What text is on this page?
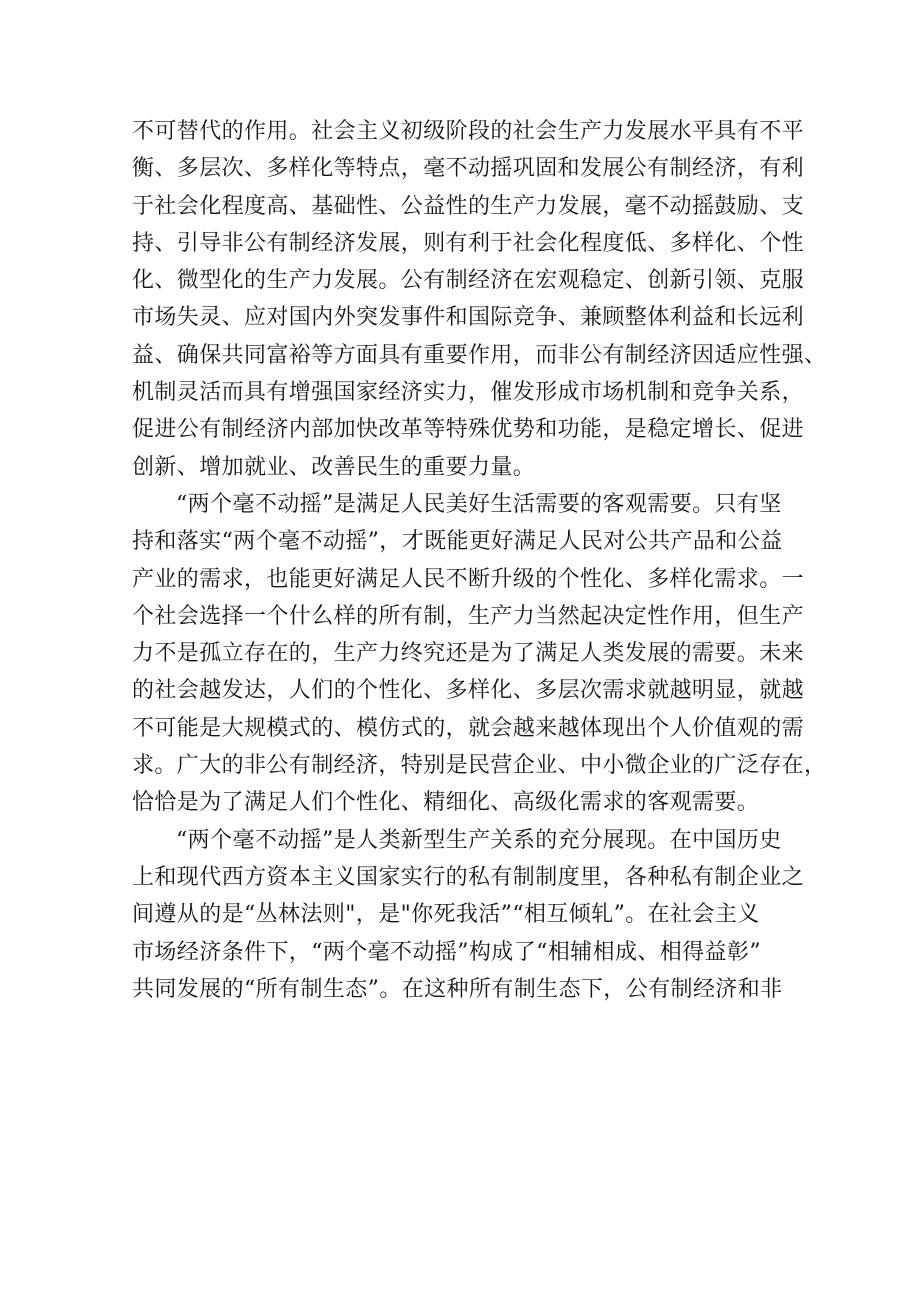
不可替代的作用。社会主义初级阶段的社会生产力发展水平具有不平
衡、多层次、多样化等特点，毫不动摇巩固和发展公有制经济，有利
于社会化程度高、基础性、公益性的生产力发展，毫不动摇鼓励、支
持、引导非公有制经济发展，则有利于社会化程度低、多样化、个性
化、微型化的生产力发展。公有制经济在宏观稳定、创新引领、克服
市场失灵、应对国内外突发事件和国际竞争、兼顾整体利益和长远利
益、确保共同富裕等方面具有重要作用，而非公有制经济因适应性强、
机制灵活而具有增强国家经济实力，催发形成市场机制和竞争关系，
促进公有制经济内部加快改革等特殊优势和功能，是稳定增长、促进
创新、增加就业、改善民生的重要力量。
“两个毫不动摇”是满足人民美好生活需要的客观需要。只有坚
持和落实“两个毫不动摇”，才既能更好满足人民对公共产品和公益
产业的需求，也能更好满足人民不断升级的个性化、多样化需求。一
个社会选择一个什么样的所有制，生产力当然起决定性作用，但生产
力不是孤立存在的，生产力终究还是为了满足人类发展的需要。未来
的社会越发达，人们的个性化、多样化、多层次需求就越明显，就越
不可能是大规模式的、模仿式的，就会越来越体现出个人价值观的需
求。广大的非公有制经济，特别是民营企业、中小微企业的广泛存在，
恰恰是为了满足人们个性化、精细化、高级化需求的客观需要。
“两个毫不动摇”是人类新型生产关系的充分展现。在中国历史
上和现代西方资本主义国家实行的私有制制度里，各种私有制企业之
间遵从的是“丛林法则"，是"你死我活”“相互倾轧”。在社会主义
市场经济条件下，“两个毫不动摇”构成了“相辅相成、相得益彰”
共同发展的“所有制生态”。在这种所有制生态下，公有制经济和非
